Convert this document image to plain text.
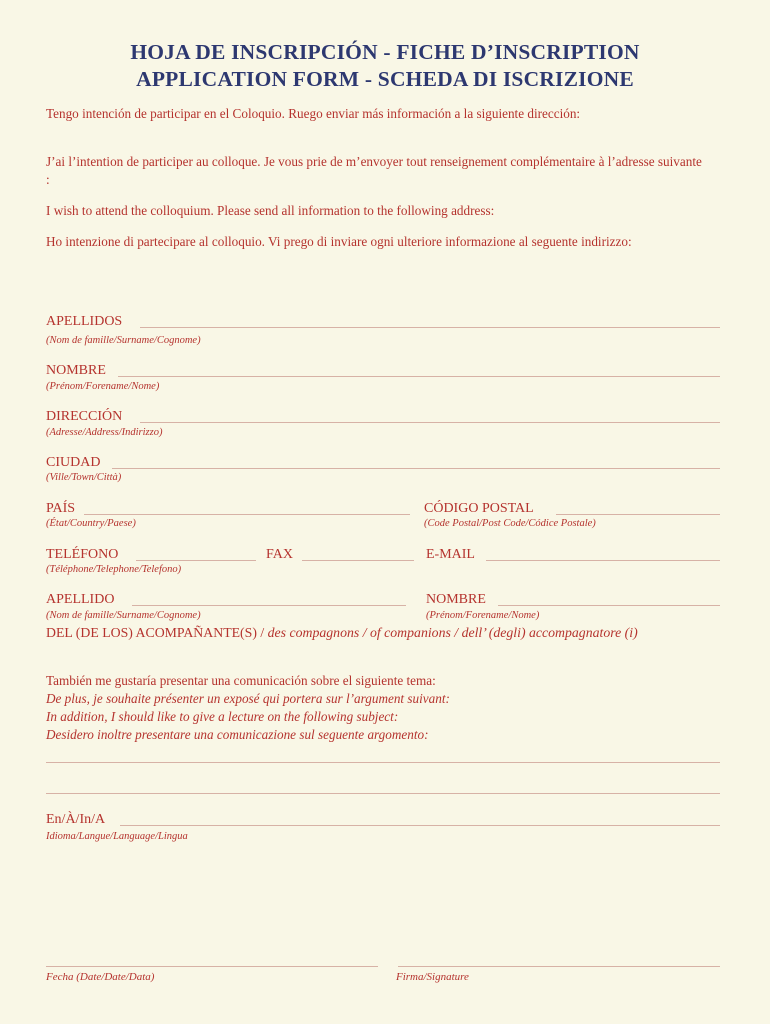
HOJA DE INSCRIPCIÓN - FICHE D’INSCRIPTION
APPLICATION FORM - SCHEDA DI ISCRIZIONE
Tengo intención de participar en el Coloquio. Ruego enviar más información a la siguiente dirección:
J’ai l’intention de participer au colloque. Je vous prie de m’envoyer tout renseignement complémentaire à l’adresse suivante :
I wish to attend the colloquium. Please send all information to the following address:
Ho intenzione di partecipare al colloquio. Vi prego di inviare ogni ulteriore informazione al seguente indirizzo:
APELLIDOS
(Nom de famille/Surname/Cognome)
NOMBRE
(Prénom/Forename/Nome)
DIRECCIÓN
(Adresse/Address/Indirizzo)
CIUDAD
(Ville/Town/Città)
PAÍS
(État/Country/Paese)
CÓDIGO POSTAL
(Code Postal/Post Code/Códice Postale)
TELÉFONO
(Téléphone/Telephone/Telefono)
FAX	E-MAIL
APELLIDO
(Nom de famille/Surname/Cognome)
NOMBRE
(Prénom/Forename/Nome)
DEL (DE LOS) ACOMPAÑANTE(S) / des compagnons / of companions / dell’ (degli) accompagnatore (i)
También me gustaría presentar una comunicación sobre el siguiente tema:
De plus, je souhaite présenter un exposé qui portera sur l’argument suivant:
In addition, I should like to give a lecture on the following subject:
Desidero inoltre presentare una comunicazione sul seguente argomento:
En/À/In/A
Idioma/Langue/Language/Lingua
Fecha (Date/Date/Data)	Firma/Signature
